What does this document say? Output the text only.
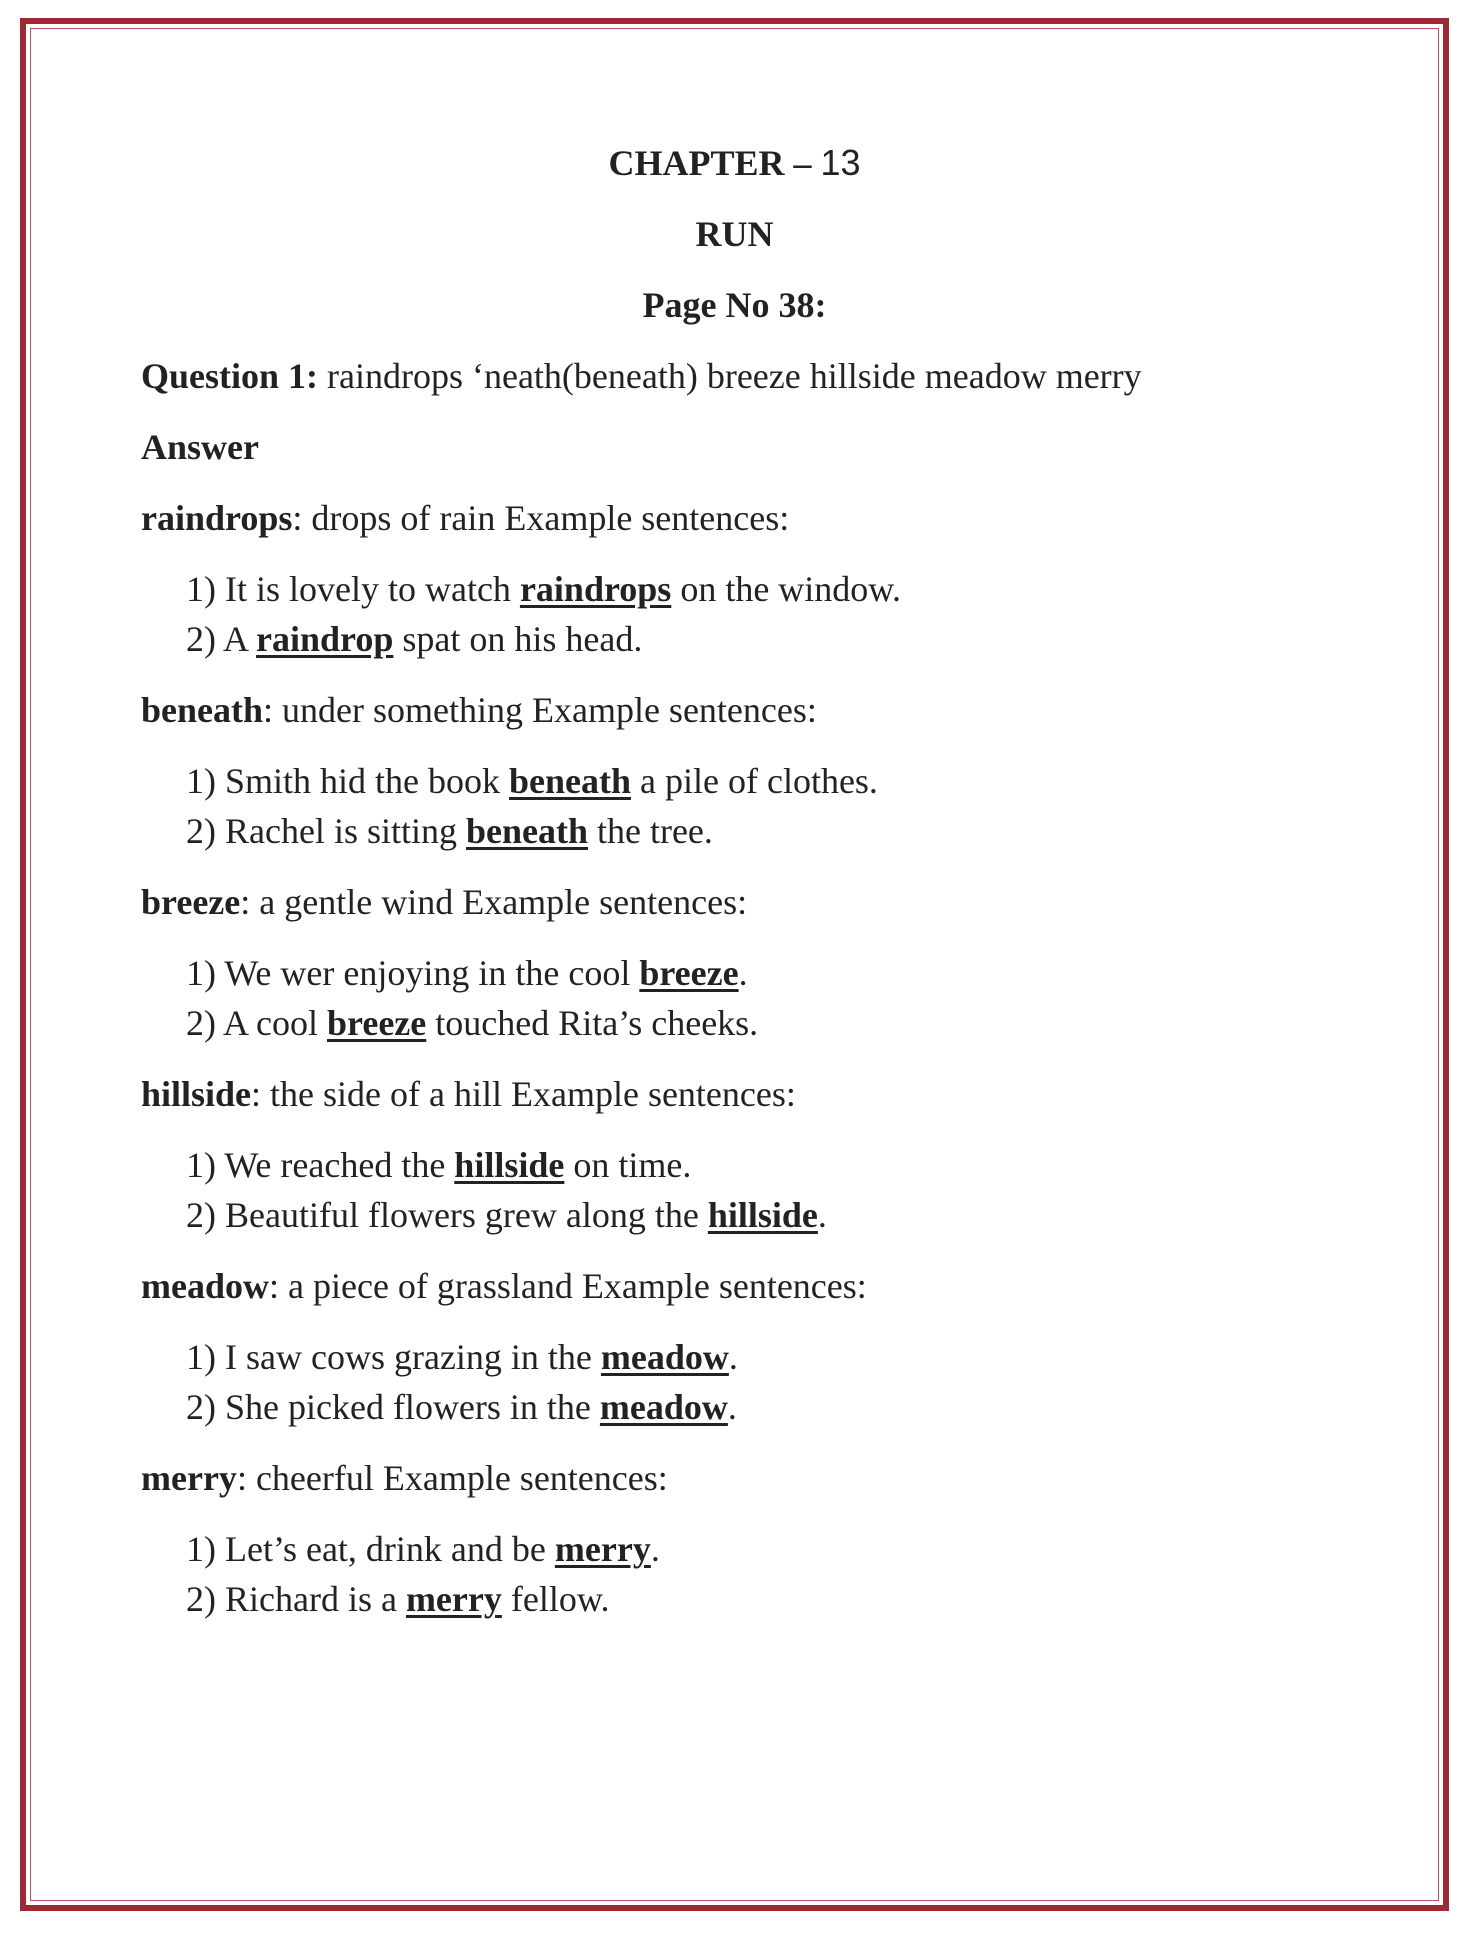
CHAPTER – 13
RUN
Page No 38:
Question 1: raindrops ‘neath(beneath) breeze hillside meadow merry
Answer
raindrops: drops of rain Example sentences:
1) It is lovely to watch raindrops on the window.
2) A raindrop spat on his head.
beneath: under something Example sentences:
1) Smith hid the book beneath a pile of clothes.
2) Rachel is sitting beneath the tree.
breeze: a gentle wind Example sentences:
1) We wer enjoying in the cool breeze.
2) A cool breeze touched Rita’s cheeks.
hillside: the side of a hill Example sentences:
1) We reached the hillside on time.
2) Beautiful flowers grew along the hillside.
meadow: a piece of grassland Example sentences:
1) I saw cows grazing in the meadow.
2) She picked flowers in the meadow.
merry: cheerful Example sentences:
1) Let’s eat, drink and be merry.
2) Richard is a merry fellow.
